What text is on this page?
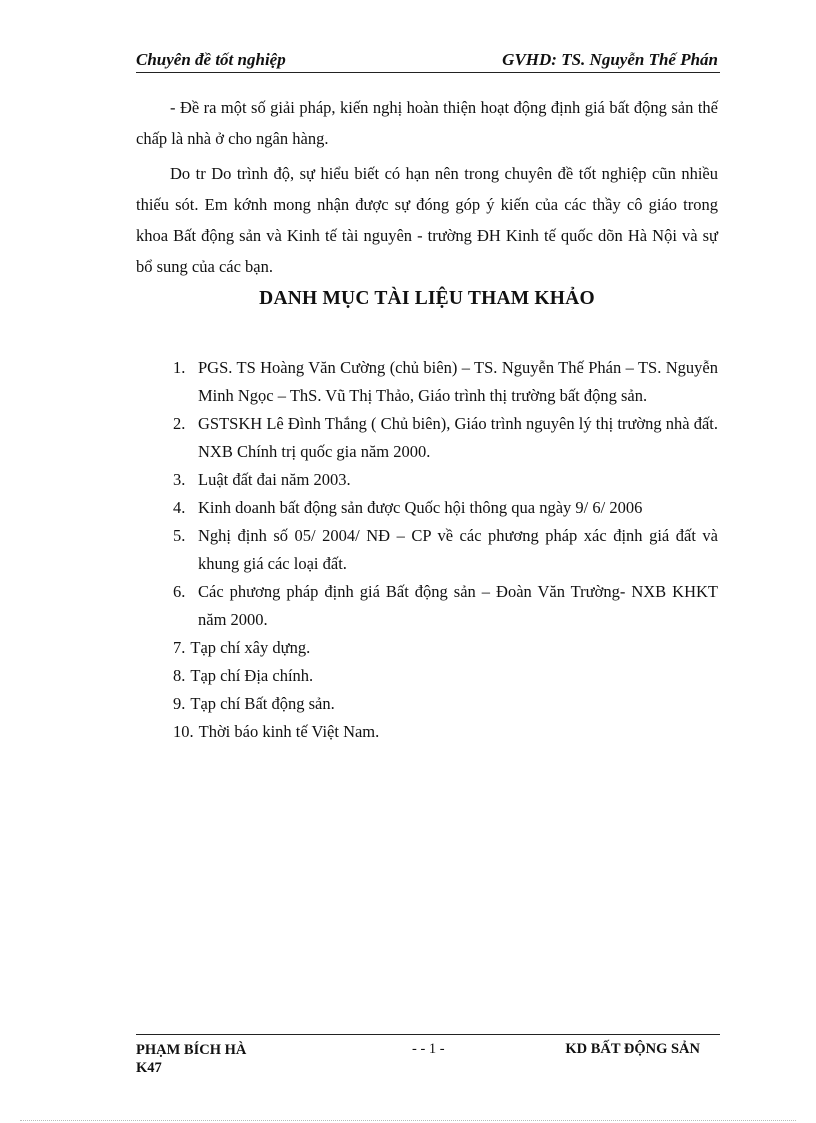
Chuyên đề tốt nghiệp	GVHD: TS. Nguyễn Thế Phán

- Đề ra một số giải pháp, kiến nghị hoàn thiện hoạt động định giá bất động sản thế chấp là nhà ở cho ngân hàng.

Do tr Do trình độ, sự hiểu biết có hạn nên trong chuyên đề tốt nghiệp cũn nhiều thiếu sót. Em kớnh mong nhận được sự đóng góp ý kiến của các thầy cô giáo trong khoa Bất động sản và Kinh tế tài nguyên - trường ĐH Kinh tế quốc dõn Hà Nội và sự bổ sung của các bạn.

DANH MỤC TÀI LIỆU THAM KHẢO
1. PGS. TS Hoàng Văn Cường (chủ biên) – TS. Nguyễn Thế Phán – TS. Nguyễn Minh Ngọc – ThS. Vũ Thị Thảo, Giáo trình thị trường bất động sản.
2. GSTSKH Lê Đình Thắng ( Chủ biên), Giáo trình nguyên lý thị trường nhà đất. NXB Chính trị quốc gia năm 2000.
3. Luật đất đai năm 2003.
4. Kinh doanh bất động sản được Quốc hội thông qua ngày 9/ 6/ 2006
5. Nghị định số 05/ 2004/ NĐ – CP về các phương pháp xác định giá đất và khung giá các loại đất.
6. Các phương pháp định giá Bất động sản – Đoàn Văn Trường- NXB KHKT năm 2000.
7. Tạp chí xây dựng.
8. Tạp chí Địa chính.
9. Tạp chí Bất động sản.
10. Thời báo kinh tế Việt Nam.
PHẠM BÍCH HÀ
K47
- - 1 -	KD BẤT ĐỘNG SẢN
